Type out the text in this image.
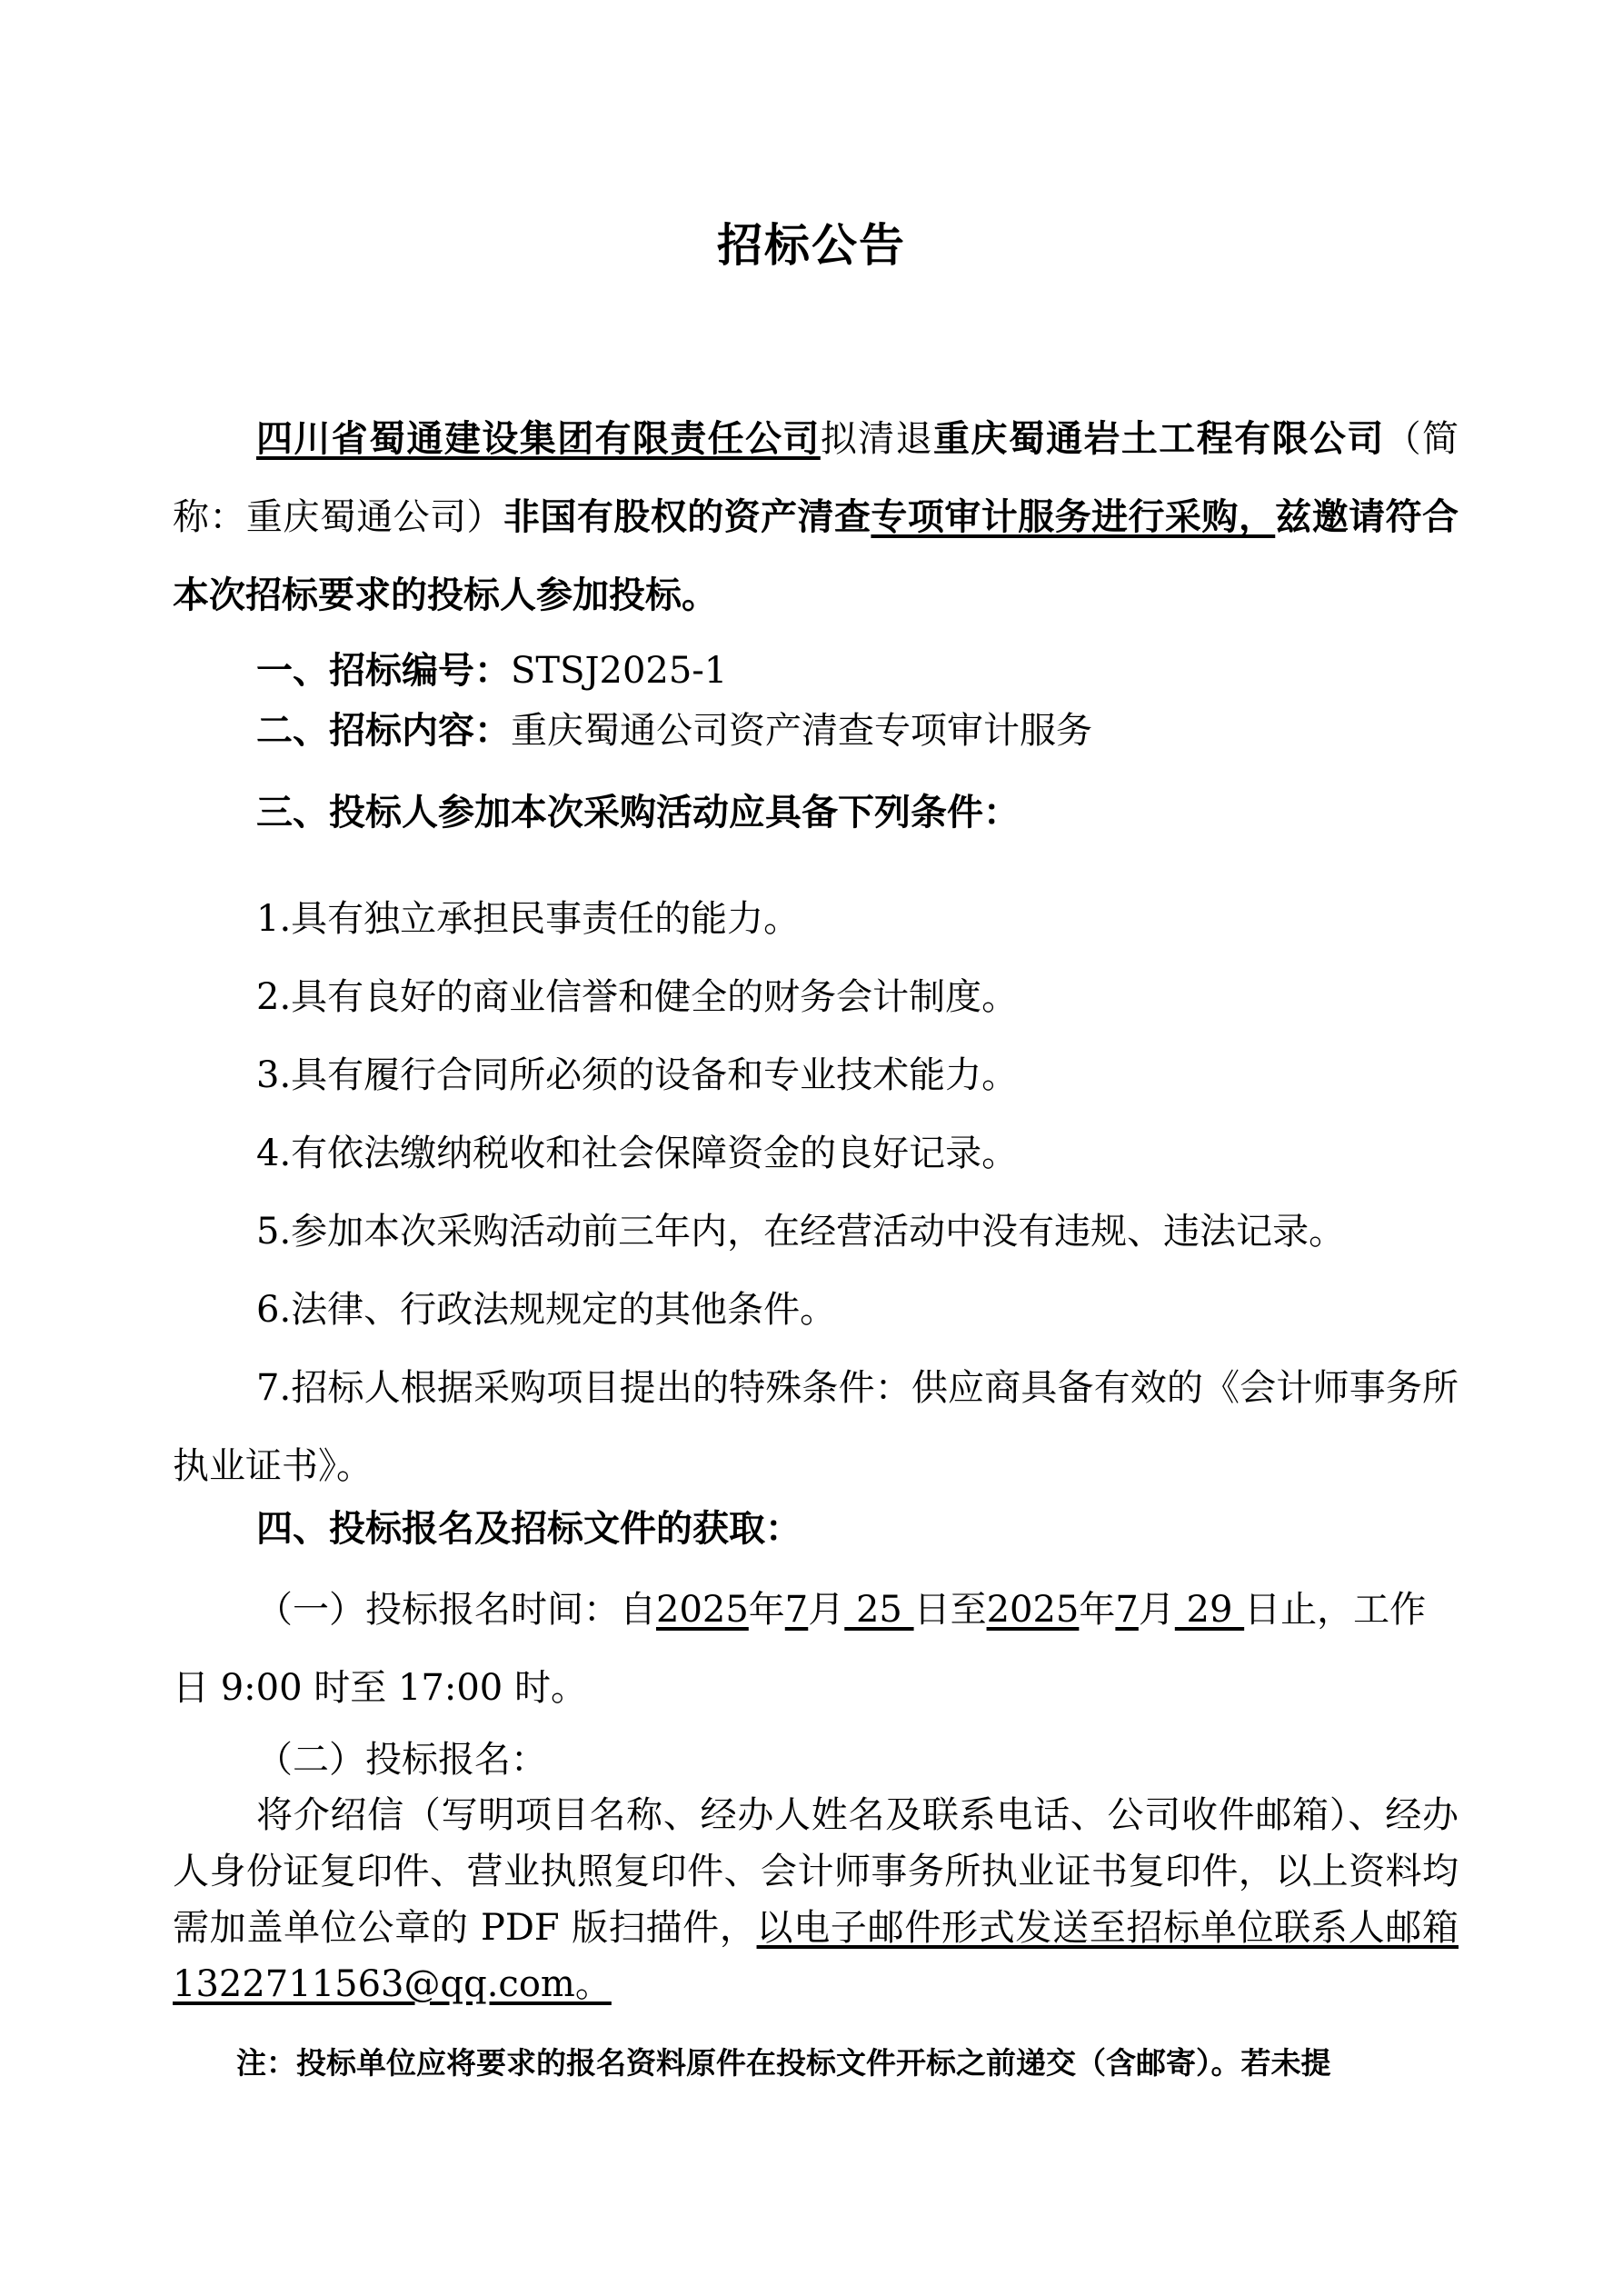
招标公告
四川省蜀通建设集团有限责任公司拟清退重庆蜀通岩土工程有限公司（简称：重庆蜀通公司）非国有股权的资产清查专项审计服务进行采购，兹邀请符合本次招标要求的投标人参加投标。
一、招标编号：STSJ2025-1
二、招标内容：重庆蜀通公司资产清查专项审计服务
三、投标人参加本次采购活动应具备下列条件：
1.具有独立承担民事责任的能力。
2.具有良好的商业信誉和健全的财务会计制度。
3.具有履行合同所必须的设备和专业技术能力。
4.有依法缴纳税收和社会保障资金的良好记录。
5.参加本次采购活动前三年内，在经营活动中没有违规、违法记录。
6.法律、行政法规规定的其他条件。
7.招标人根据采购项目提出的特殊条件：供应商具备有效的《会计师事务所执业证书》。
四、投标报名及招标文件的获取：
（一）投标报名时间：自2025年7月 25 日至2025年7月 29 日止，工作日 9:00 时至 17:00 时。
（二）投标报名：
将介绍信（写明项目名称、经办人姓名及联系电话、公司收件邮箱）、经办人身份证复印件、营业执照复印件、会计师事务所执业证书复印件，以上资料均需加盖单位公章的 PDF 版扫描件，以电子邮件形式发送至招标单位联系人邮箱 1322711563@qq.com。
注：投标单位应将要求的报名资料原件在投标文件开标之前递交（含邮寄）。若未提
